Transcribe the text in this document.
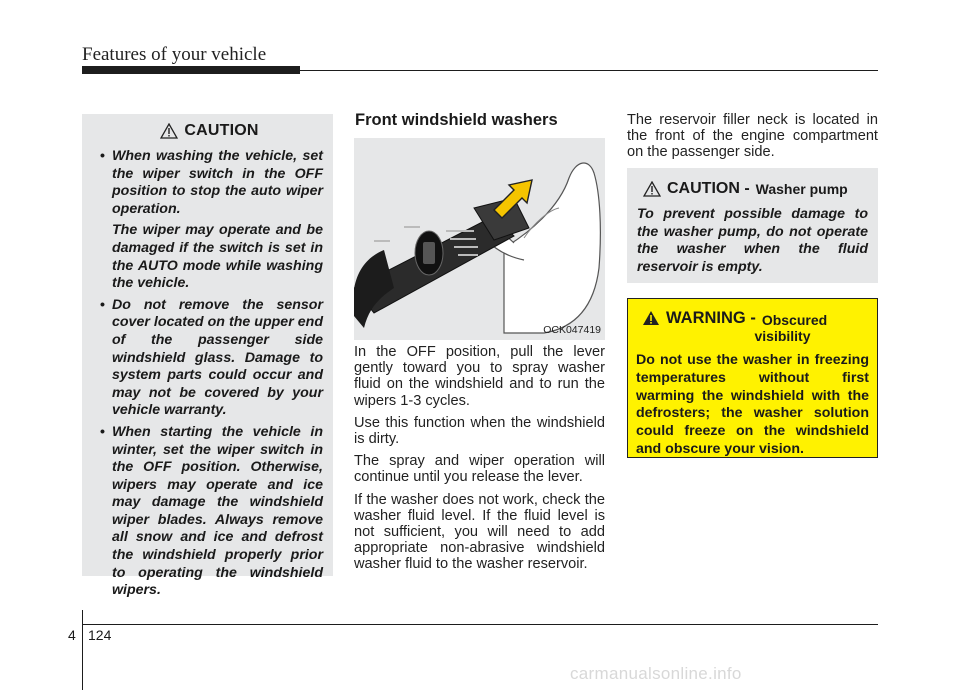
Features of your vehicle
CAUTION
• When washing the vehicle, set the wiper switch in the OFF position to stop the auto wiper operation.
The wiper may operate and be damaged if the switch is set in the AUTO mode while washing the vehicle.
• Do not remove the sensor cover located on the upper end of the passenger side windshield glass. Damage to system parts could occur and may not be covered by your vehicle warranty.
• When starting the vehicle in winter, set the wiper switch in the OFF position. Otherwise, wipers may operate and ice may damage the windshield wiper blades. Always remove all snow and ice and defrost the windshield properly prior to operating the windshield wipers.
Front windshield washers
OCK047419

In the OFF position, pull the lever gently toward you to spray washer fluid on the windshield and to run the wipers 1-3 cycles.

Use this function when the windshield is dirty.

The spray and wiper operation will continue until you release the lever.

If the washer does not work, check the washer fluid level. If the fluid level is not sufficient, you will need to add appropriate non-abrasive windshield washer fluid to the washer reservoir.

The reservoir filler neck is located in the front of the engine compartment on the passenger side.
CAUTION - Washer pump
To prevent possible damage to the washer pump, do not operate the washer when the fluid reservoir is empty.
WARNING - Obscured
visibility
Do not use the washer in freezing temperatures without first warming the windshield with the defrosters; the washer solution could freeze on the windshield and obscure your vision.
4 124
carmanualsonline.info
